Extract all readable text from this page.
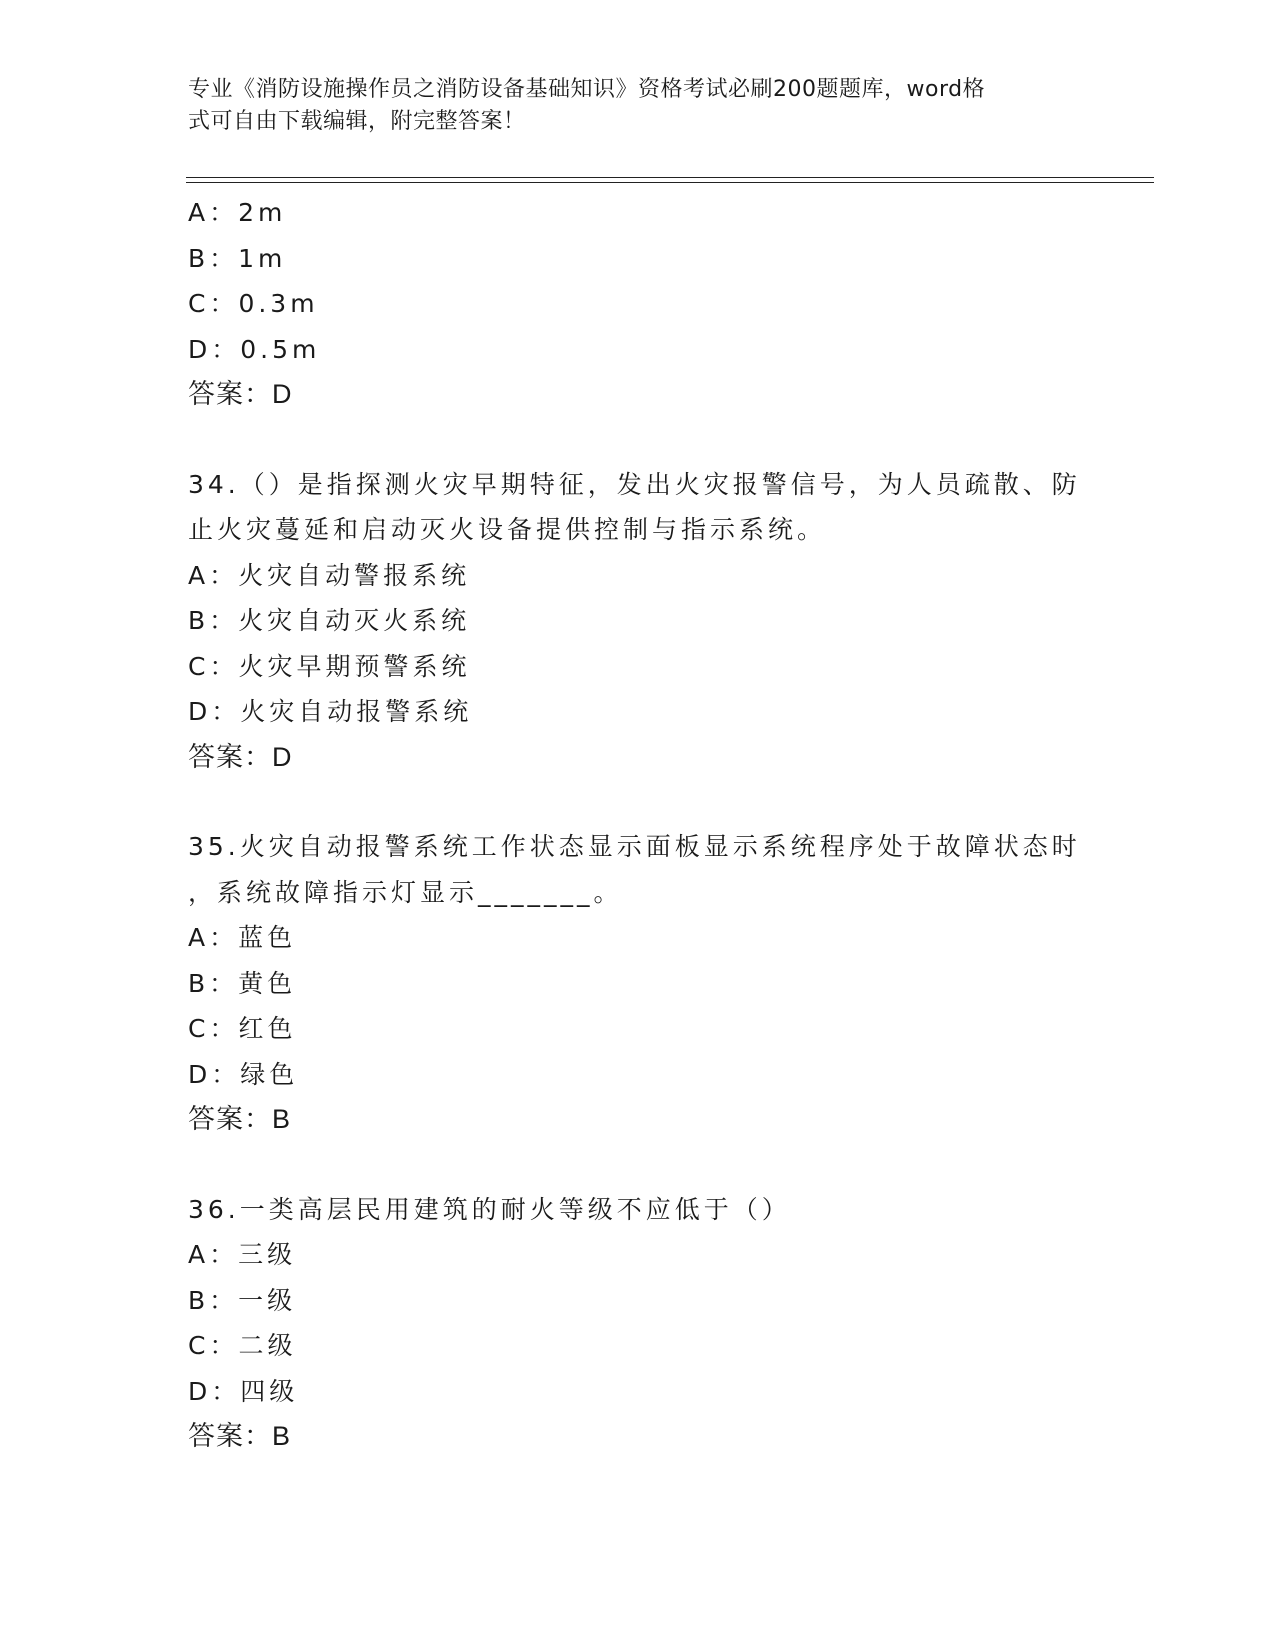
专业《消防设施操作员之消防设备基础知识》资格考试必刷200题题库，word格
式可自由下载编辑，附完整答案！

A：2m

B：1m

C：0.3m

D：0.5m

答案：D

34.（）是指探测火灾早期特征，发出火灾报警信号，为人员疏散、防

止火灾蔓延和启动灭火设备提供控制与指示系统。

A：火灾自动警报系统

B：火灾自动灭火系统

C：火灾早期预警系统

D：火灾自动报警系统

答案：D

35.火灾自动报警系统工作状态显示面板显示系统程序处于故障状态时

，系统故障指示灯显示_______。

A：蓝色

B：黄色

C：红色

D：绿色

答案：B

36.一类高层民用建筑的耐火等级不应低于（）

A：三级

B：一级

C：二级

D：四级

答案：B
